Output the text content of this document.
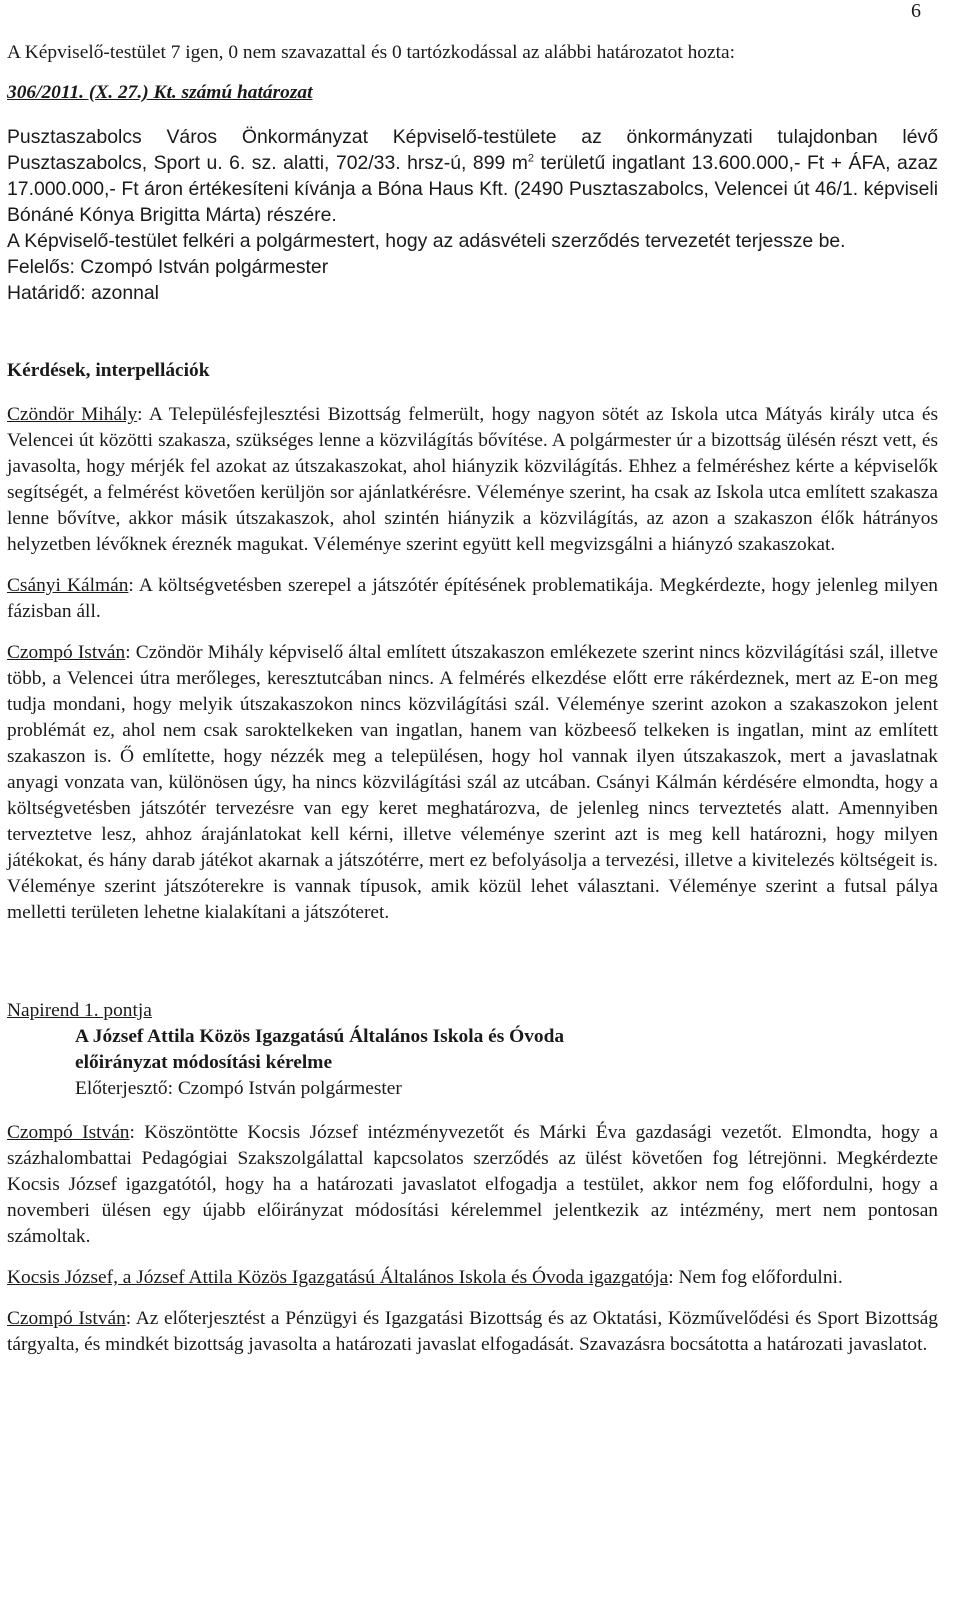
6

A Képviselő-testület 7 igen, 0 nem szavazattal és 0 tartózkodással az alábbi határozatot hozta:

306/2011. (X. 27.) Kt. számú határozat

Pusztaszabolcs Város Önkormányzat Képviselő-testülete az önkormányzati tulajdonban lévő Pusztaszabolcs, Sport u. 6. sz. alatti, 702/33. hrsz-ú, 899 $m^2$ területű ingatlant 13.600.000,- Ft + ÁFA, azaz 17.000.000,- Ft áron értékesíteni kívánja a Bóna Haus Kft. (2490 Pusztaszabolcs, Velencei út 46/1. képviseli Bónáné Kónya Brigitta Márta) részére.

A Képviselő-testület felkéri a polgármestert, hogy az adásvételi szerződés tervezetét terjessze be.

Felelős: Czompó István polgármester

Határidő: azonnal

Kérdések, interpellációk

Czöndör Mihály: A Településfejlesztési Bizottság felmerült, hogy nagyon sötét az Iskola utca Mátyás király utca és Velencei út közötti szakasza, szükséges lenne a közvilágítás bővítése. A polgármester úr a bizottság ülésén részt vett, és javasolta, hogy mérjék fel azokat az útszakaszokat, ahol hiányzik közvilágítás. Ehhez a felméréshez kérte a képviselők segítségét, a felmérést követően kerüljön sor ajánlatkérésre. Véleménye szerint, ha csak az Iskola utca említett szakasza lenne bővítve, akkor másik útszakaszok, ahol szintén hiányzik a közvilágítás, az azon a szakaszon élők hátrányos helyzetben lévőknek éreznék magukat. Véleménye szerint együtt kell megvizsgálni a hiányzó szakaszokat.

Csányi Kálmán: A költségvetésben szerepel a játszótér építésének problematikája. Megkérdezte, hogy jelenleg milyen fázisban áll.

Czompó István: Czöndör Mihály képviselő által említett útszakaszon emlékezete szerint nincs közvilágítási szál, illetve több, a Velencei útra merőleges, keresztutcában nincs. A felmérés elkezdése előtt erre rákérdeznek, mert az E-on meg tudja mondani, hogy melyik útszakaszokon nincs közvilágítási szál. Véleménye szerint azokon a szakaszokon jelent problémát ez, ahol nem csak saroktelkeken van ingatlan, hanem van közbeeső telkeken is ingatlan, mint az említett szakaszon is. Ő említette, hogy nézzék meg a településen, hogy hol vannak ilyen útszakaszok, mert a javaslatnak anyagi vonzata van, különösen úgy, ha nincs közvilágítási szál az utcában. Csányi Kálmán kérdésére elmondta, hogy a költségvetésben játszótér tervezésre van egy keret meghatározva, de jelenleg nincs terveztetés alatt. Amennyiben terveztetve lesz, ahhoz árajánlatokat kell kérni, illetve véleménye szerint azt is meg kell határozni, hogy milyen játékokat, és hány darab játékot akarnak a játszótérre, mert ez befolyásolja a tervezési, illetve a kivitelezés költségeit is. Véleménye szerint játszóterekre is vannak típusok, amik közül lehet választani. Véleménye szerint a futsal pálya melletti területen lehetne kialakítani a játszóteret.

Napirend 1. pontja

A József Attila Közös Igazgatású Általános Iskola és Óvoda

előirányzat módosítási kérelme

Előterjesztő: Czompó István polgármester

Czompó István: Köszöntötte Kocsis József intézményvezetőt és Márki Éva gazdasági vezetőt. Elmondta, hogy a százhalombattai Pedagógiai Szakszolgálattal kapcsolatos szerződés az ülést követően fog létrejönni. Megkérdezte Kocsis József igazgatótól, hogy ha a határozati javaslatot elfogadja a testület, akkor nem fog előfordulni, hogy a novemberi ülésen egy újabb előirányzat módosítási kérelemmel jelentkezik az intézmény, mert nem pontosan számoltak.

Kocsis József, a József Attila Közös Igazgatású Általános Iskola és Óvoda igazgatója: Nem fog előfordulni.

Czompó István: Az előterjesztést a Pénzügyi és Igazgatási Bizottság és az Oktatási, Közművelődési és Sport Bizottság tárgyalta, és mindkét bizottság javasolta a határozati javaslat elfogadását. Szavazásra bocsátotta a határozati javaslatot.
